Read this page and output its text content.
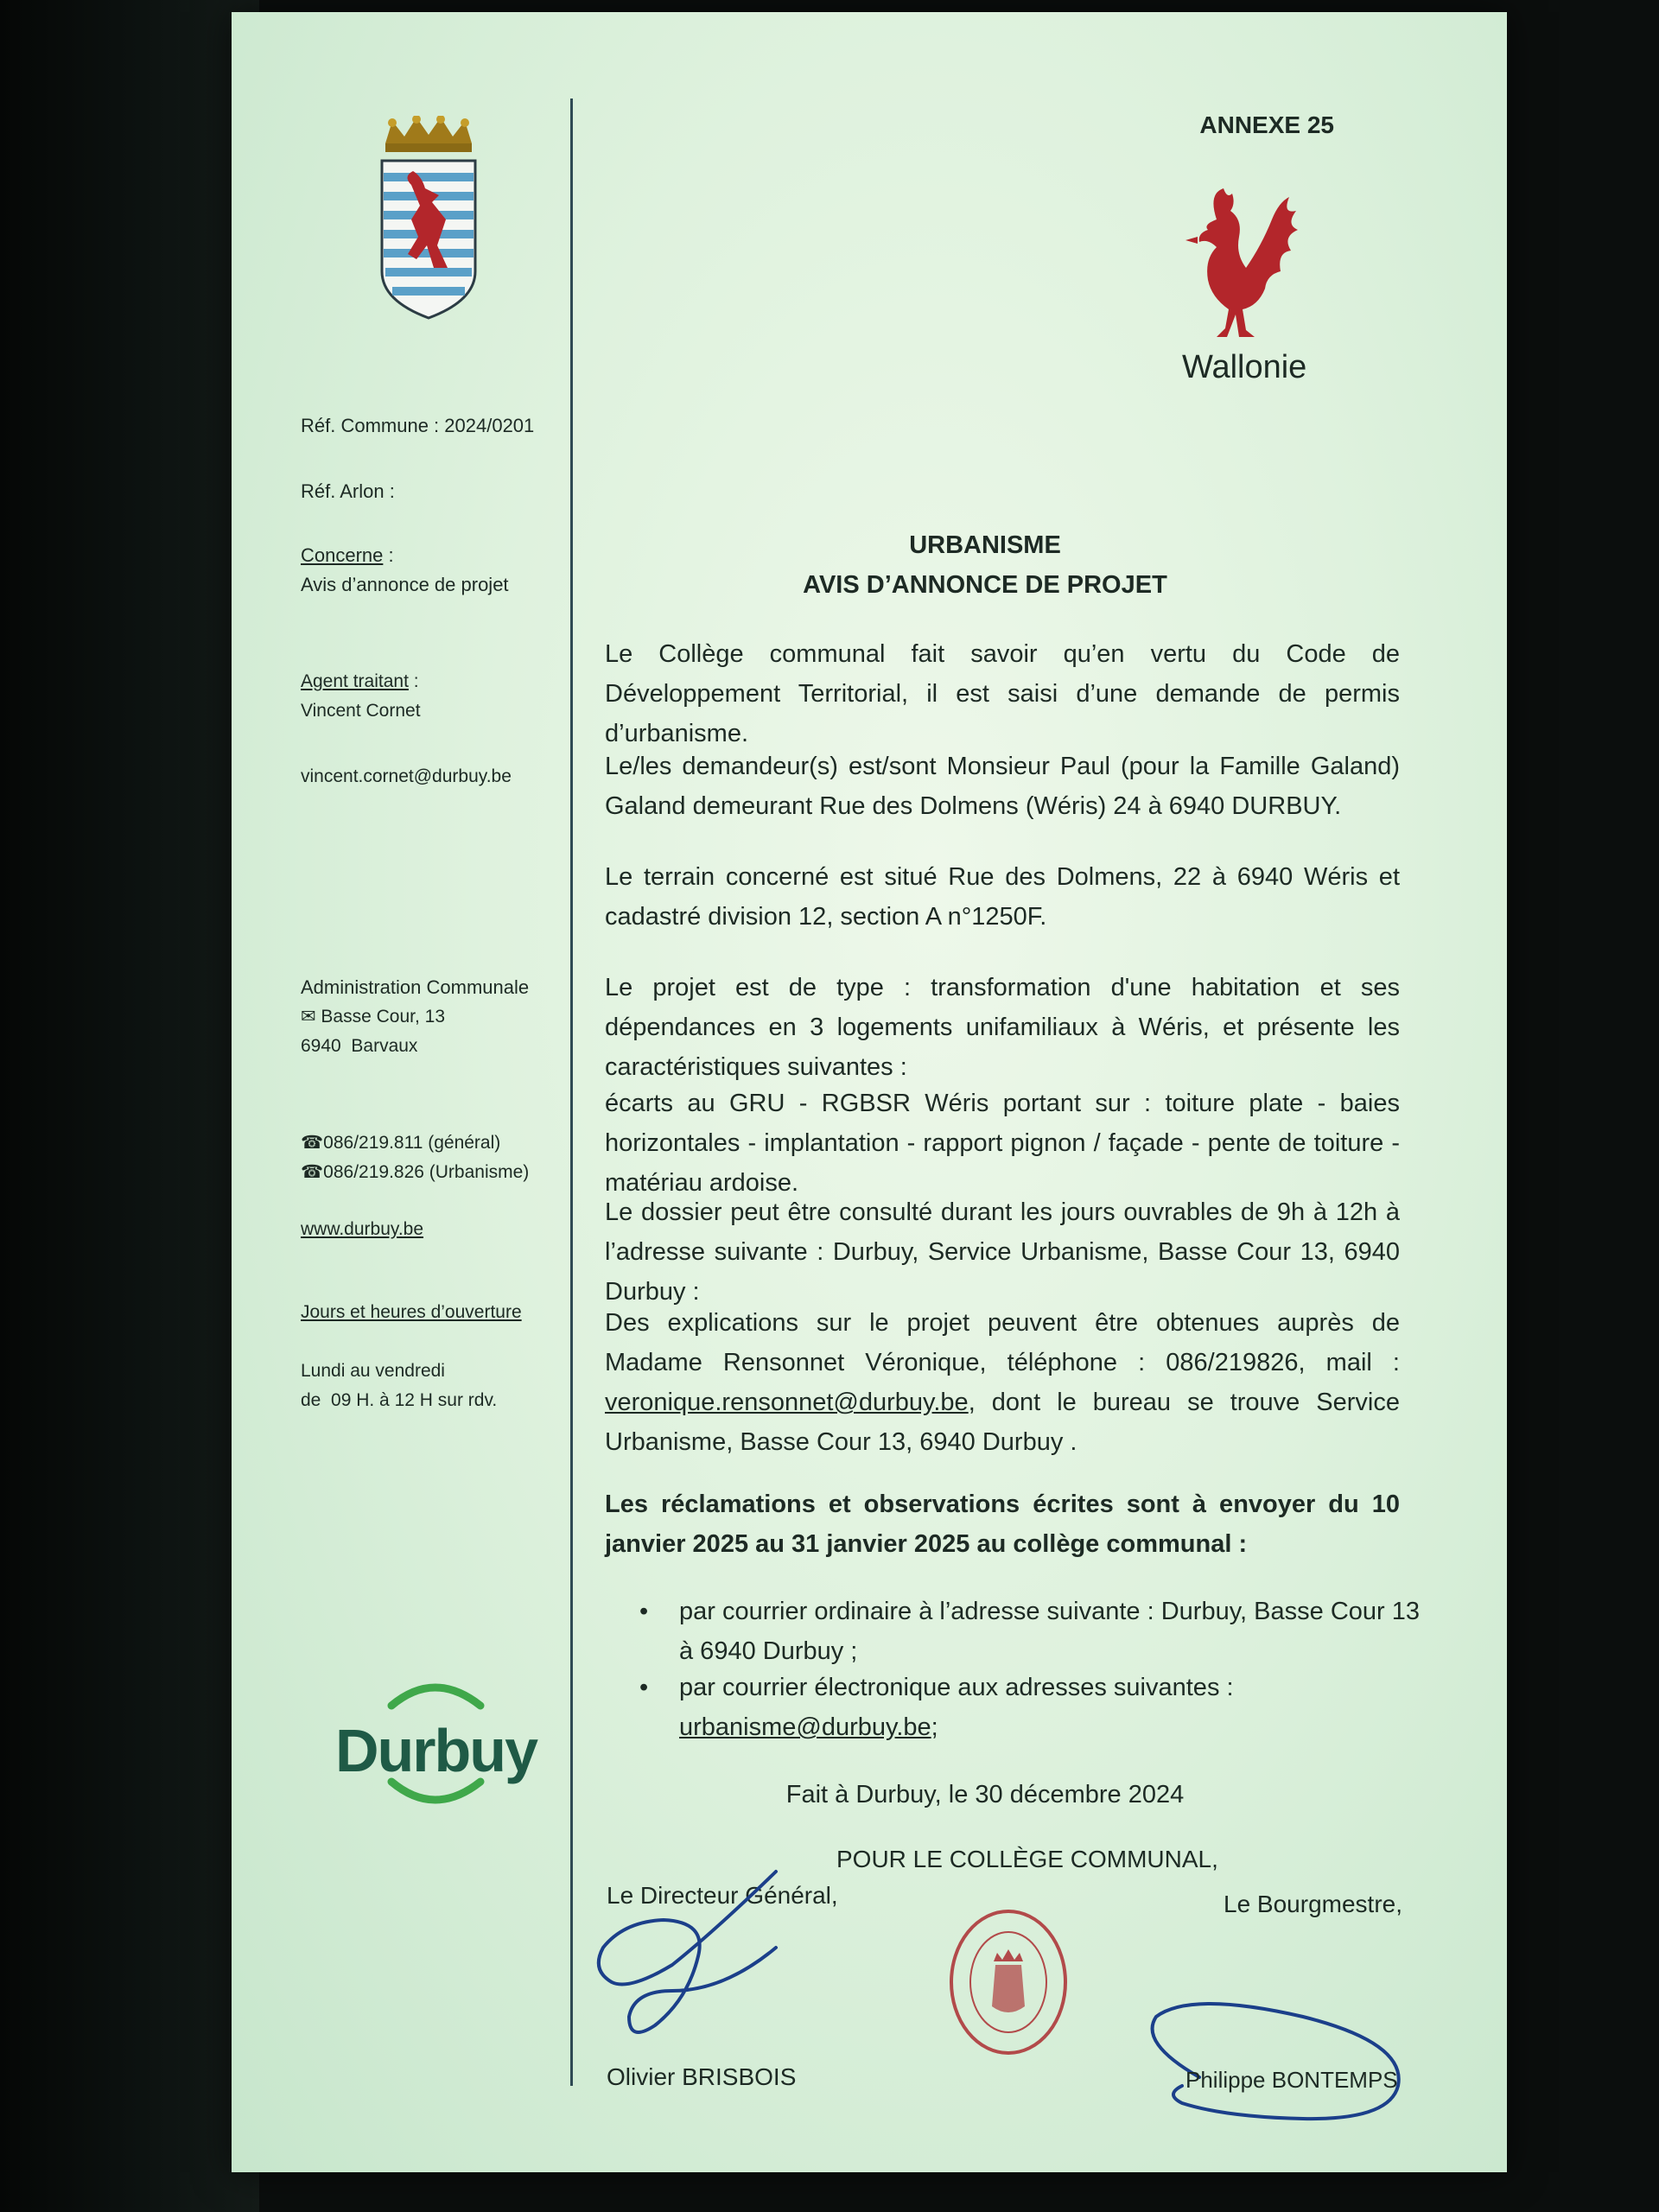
Réf. Commune : 2024/0201
Réf. Arlon :
Concerne :
Avis d’annonce de projet
Agent traitant :
Vincent Cornet
vincent.cornet@durbuy.be
Administration Communale
✉ Basse Cour, 13
6940  Barvaux
☎086/219.811 (général)
☎086/219.826 (Urbanisme)
www.durbuy.be
Jours et heures d’ouverture
Lundi au vendredi
de  09 H. à 12 H sur rdv.
Durbuy
ANNEXE 25
Wallonie
URBANISME
AVIS D’ANNONCE DE PROJET
Le Collège communal fait savoir qu’en vertu du Code de Développement Territorial, il est saisi d’une demande de permis d’urbanisme.
Le/les demandeur(s) est/sont Monsieur Paul (pour la Famille Galand) Galand demeurant Rue des Dolmens (Wéris) 24 à 6940 DURBUY.
Le terrain concerné est situé Rue des Dolmens, 22 à 6940 Wéris et cadastré division 12, section A n°1250F.
Le projet est de type : transformation d'une habitation et ses dépendances en 3 logements unifamiliaux à Wéris, et présente les caractéristiques suivantes :
écarts au GRU - RGBSR Wéris portant sur : toiture plate - baies horizontales - implantation - rapport pignon / façade - pente de toiture - matériau ardoise.
Le dossier peut être consulté durant les jours ouvrables de 9h à 12h à l’adresse suivante : Durbuy, Service Urbanisme, Basse Cour 13, 6940 Durbuy :
Des explications sur le projet peuvent être obtenues auprès de Madame Rensonnet Véronique, téléphone : 086/219826, mail : veronique.rensonnet@durbuy.be, dont le bureau se trouve Service Urbanisme, Basse Cour 13, 6940 Durbuy .
Les réclamations et observations écrites sont à envoyer du 10 janvier 2025 au 31 janvier 2025 au collège communal :
• par courrier ordinaire à l’adresse suivante : Durbuy, Basse Cour 13 à 6940 Durbuy ;
• par courrier électronique aux adresses suivantes : urbanisme@durbuy.be;
Fait à Durbuy, le 30 décembre 2024
POUR LE COLLÈGE COMMUNAL,
Le Directeur Général,	Le Bourgmestre,
Olivier BRISBOIS	Philippe BONTEMPS
